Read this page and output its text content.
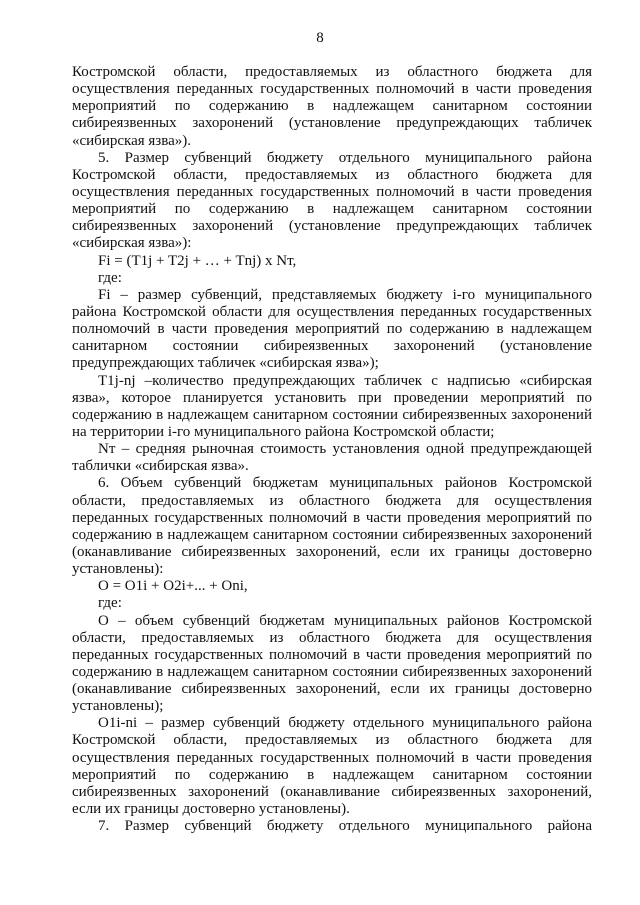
8
Костромской области, предоставляемых из областного бюджета для
осуществления переданных государственных полномочий в части проведения
мероприятий по содержанию в надлежащем санитарном состоянии
сибиреязвенных захоронений (установление предупреждающих табличек
«сибирская язва»).
5. Размер субвенций бюджету отдельного муниципального района
Костромской области, предоставляемых из областного бюджета для
осуществления переданных государственных полномочий в части проведения
мероприятий по содержанию в надлежащем санитарном состоянии
сибиреязвенных захоронений (установление предупреждающих табличек
«сибирская язва»):
Fi = (T1j + T2j + … + Tnj) х Nт,
где:
Fi – размер субвенций, представляемых бюджету i-го муниципального
района Костромской области для осуществления переданных государственных
полномочий в части проведения мероприятий по содержанию в надлежащем
санитарном состоянии сибиреязвенных захоронений (установление
предупреждающих табличек «сибирская язва»);
T1j-nj –количество предупреждающих табличек с надписью «сибирская
язва», которое планируется установить при проведении мероприятий по
содержанию в надлежащем санитарном состоянии сибиреязвенных захоронений
на территории i-го муниципального района Костромской области;
Nт – средняя рыночная стоимость установления одной предупреждающей
таблички «сибирская язва».
6. Объем субвенций бюджетам муниципальных районов Костромской
области, предоставляемых из областного бюджета для осуществления
переданных государственных полномочий в части проведения мероприятий по
содержанию в надлежащем санитарном состоянии сибиреязвенных захоронений
(оканавливание сибиреязвенных захоронений, если их границы достоверно
установлены):
O = O1i + O2i+... + Oni,
где:
O – объем субвенций бюджетам муниципальных районов Костромской
области, предоставляемых из областного бюджета для осуществления
переданных государственных полномочий в части проведения мероприятий по
содержанию в надлежащем санитарном состоянии сибиреязвенных захоронений
(оканавливание сибиреязвенных захоронений, если их границы достоверно
установлены);
O1i-ni – размер субвенций бюджету отдельного муниципального района
Костромской области, предоставляемых из областного бюджета для
осуществления переданных государственных полномочий в части проведения
мероприятий по содержанию в надлежащем санитарном состоянии
сибиреязвенных захоронений (оканавливание сибиреязвенных захоронений,
если их границы достоверно установлены).
7. Размер субвенций бюджету отдельного муниципального района
